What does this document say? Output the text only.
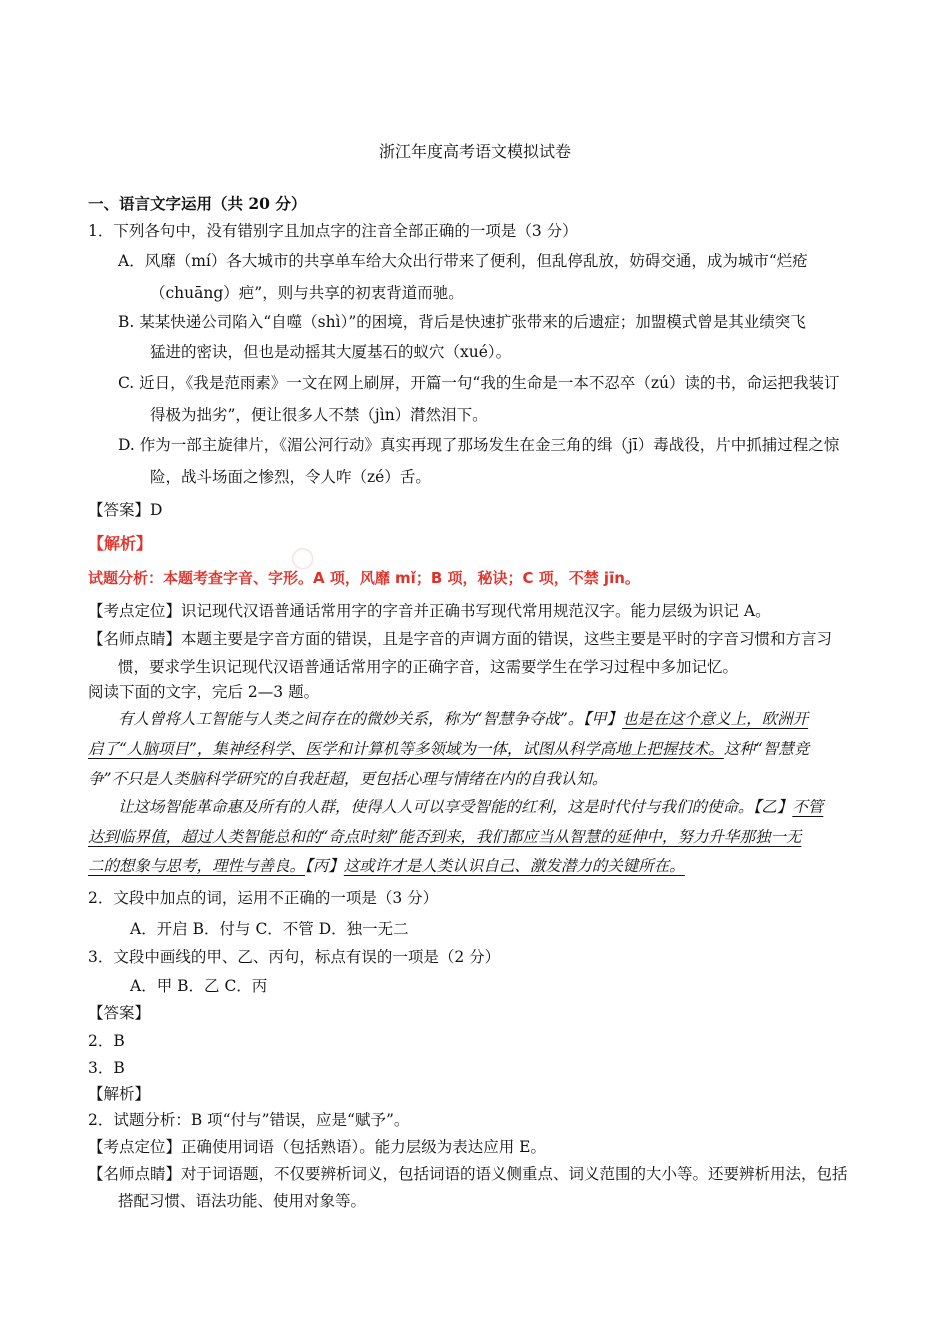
浙江年度高考语文模拟试卷
一、语言文字运用（共 20 分）
1．下列各句中，没有错别字且加点字的注音全部正确的一项是（3 分）
A．风靡（mí）各大城市的共享单车给大众出行带来了便利，但乱停乱放，妨碍交通，成为城市“烂疮
（chuāng）疤”，则与共享的初衷背道而驰。
B. 某某快递公司陷入“自噬（shì）”的困境，背后是快速扩张带来的后遗症；加盟模式曾是其业绩突飞
猛进的密诀，但也是动摇其大厦基石的蚁穴（xué）。
C. 近日，《我是范雨素》一文在网上刷屏，开篇一句“我的生命是一本不忍卒（zú）读的书，命运把我装订
得极为拙劣”，便让很多人不禁（jìn）潸然泪下。
D. 作为一部主旋律片，《湄公河行动》真实再现了那场发生在金三角的缉（jī）毒战役，片中抓捕过程之惊
险，战斗场面之惨烈，令人咋（zé）舌。
【答案】D
【解析】	○
试题分析：本题考查字音、字形。A 项，风靡 mǐ；B 项，秘诀；C 项，不禁 jīn。
【考点定位】识记现代汉语普通话常用字的字音并正确书写现代常用规范汉字。能力层级为识记 A。
【名师点睛】本题主要是字音方面的错误，且是字音的声调方面的错误，这些主要是平时的字音习惯和方言习
惯，要求学生识记现代汉语普通话常用字的正确字音，这需要学生在学习过程中多加记忆。
阅读下面的文字，完后 2—3 题。
有人曾将人工智能与人类之间存在的微妙关系，称为“智慧争夺战”。【甲】也是在这个意义上，欧洲开
启了“人脑项目”，集神经科学、医学和计算机等多领域为一体，试图从科学高地上把握技术。这种“智慧竞
争”不只是人类脑科学研究的自我赶超，更包括心理与情绪在内的自我认知。
让这场智能革命惠及所有的人群，使得人人可以享受智能的红利，这是时代付与我们的使命。【乙】不管
达到临界值，超过人类智能总和的“奇点时刻”能否到来，我们都应当从智慧的延伸中，努力升华那独一无
二的想象与思考，理性与善良。【丙】这或许才是人类认识自己、激发潜力的关键所在。
2．文段中加点的词，运用不正确的一项是（3 分）
A．开启 B．付与 C．不管 D．独一无二
3．文段中画线的甲、乙、丙句，标点有误的一项是（2 分）
A．甲 B．乙 C．丙
【答案】
2．B
3．B
【解析】
2．试题分析：B 项“付与”错误，应是“赋予”。
【考点定位】正确使用词语（包括熟语）。能力层级为表达应用 E。
【名师点睛】对于词语题，不仅要辨析词义，包括词语的语义侧重点、词义范围的大小等。还要辨析用法，包括
搭配习惯、语法功能、使用对象等。
